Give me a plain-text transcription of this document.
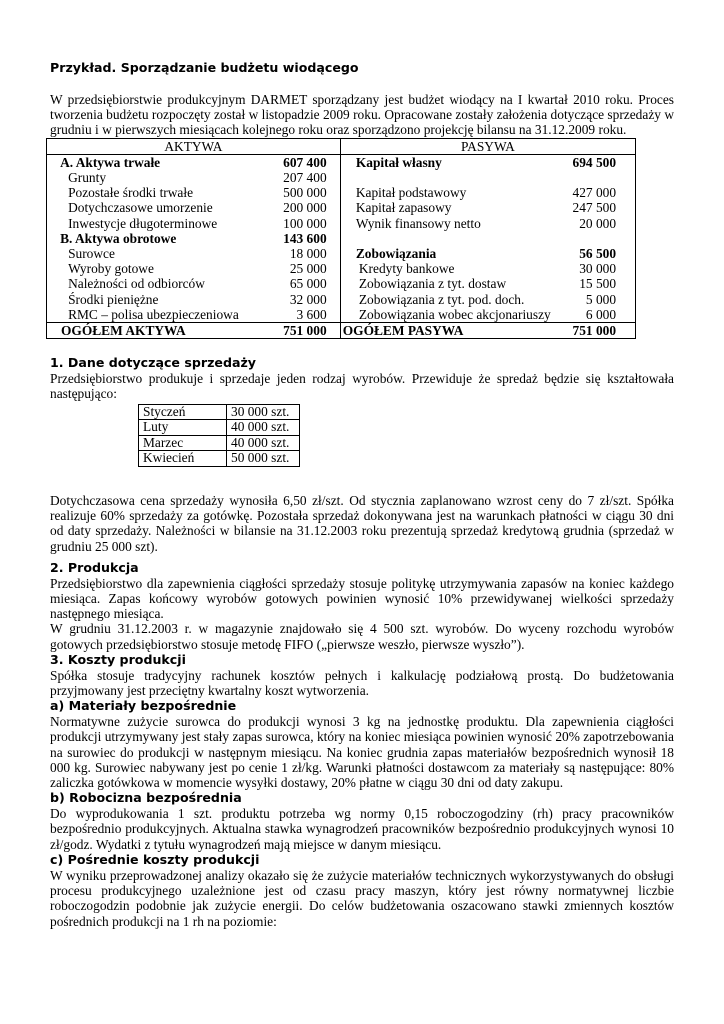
Przykład. Sporządzanie budżetu wiodącego

W przedsiębiorstwie produkcyjnym DARMET sporządzany jest budżet wiodący na I kwartał 2010 roku. Proces tworzenia budżetu rozpoczęty został w listopadzie 2009 roku. Opracowane zostały założenia dotyczące sprzedaży w grudniu i w pierwszych miesiącach kolejnego roku oraz sporządzono projekcję bilansu na 31.12.2009 roku.

AKTYWA				PASYWA			
	A. Aktywa trwałe	607 400			Kapitał własny	694 500	
	Grunty	207 400					
	Pozostałe środki trwałe	500 000			Kapitał podstawowy	427 000	
	Dotychczasowe umorzenie	200 000			Kapitał zapasowy	247 500	
	Inwestycje długoterminowe	100 000			Wynik finansowy netto	20 000	
	B. Aktywa obrotowe	143 600					
	Surowce	18 000			Zobowiązania	56 500	
	Wyroby gotowe	25 000			Kredyty bankowe	30 000	
	Należności od odbiorców	65 000			Zobowiązania z tyt. dostaw	15 500	
	Środki pieniężne	32 000			Zobowiązania z tyt. pod. doch.	5 000	
	RMC – polisa ubezpieczeniowa	3 600			Zobowiązania wobec akcjonariuszy	6 000	
OGÓŁEM AKTYWA		751 000		OGÓŁEM PASYWA		751 000	

1. Dane dotyczące sprzedaży

Przedsiębiorstwo produkuje i sprzedaje jeden rodzaj wyrobów. Przewiduje że spredaż będzie się kształtowała następująco:

Styczeń	30 000 szt.
Luty	40 000 szt.
Marzec	40 000 szt.
Kwiecień	50 000 szt.

Dotychczasowa cena sprzedaży wynosiła 6,50 zł/szt. Od stycznia zaplanowano wzrost ceny do 7 zł/szt. Spółka realizuje 60% sprzedaży za gotówkę. Pozostała sprzedaż dokonywana jest na warunkach płatności w ciągu 30 dni od daty sprzedaży. Należności w bilansie na 31.12.2003 roku prezentują sprzedaż kredytową grudnia (sprzedaż w grudniu 25 000 szt).

2. Produkcja

Przedsiębiorstwo dla zapewnienia ciągłości sprzedaży stosuje politykę utrzymywania zapasów na koniec każdego miesiąca. Zapas końcowy wyrobów gotowych powinien wynosić 10% przewidywanej wielkości sprzedaży następnego miesiąca.

W grudniu 31.12.2003 r. w magazynie znajdowało się 4 500 szt. wyrobów. Do wyceny rozchodu wyrobów gotowych przedsiębiorstwo stosuje metodę FIFO („pierwsze weszło, pierwsze wyszło”).

3. Koszty produkcji

Spółka stosuje tradycyjny rachunek kosztów pełnych i kalkulację podziałową prostą. Do budżetowania przyjmowany jest przeciętny kwartalny koszt wytworzenia.

a) Materiały bezpośrednie

Normatywne zużycie surowca do produkcji wynosi 3 kg na jednostkę produktu. Dla zapewnienia ciągłości produkcji utrzymywany jest stały zapas surowca, który na koniec miesiąca powinien wynosić 20% zapotrzebowania na surowiec do produkcji w następnym miesiącu. Na koniec grudnia zapas materiałów bezpośrednich wynosił 18 000 kg. Surowiec nabywany jest po cenie 1 zł/kg. Warunki płatności dostawcom za materiały są następujące: 80% zaliczka gotówkowa w momencie wysyłki dostawy, 20% płatne w ciągu 30 dni od daty zakupu.

b) Robocizna bezpośrednia

Do wyprodukowania 1 szt. produktu potrzeba wg normy 0,15 roboczogodziny (rh) pracy pracowników bezpośrednio produkcyjnych. Aktualna stawka wynagrodzeń pracowników bezpośrednio produkcyjnych wynosi 10 zł/godz. Wydatki z tytułu wynagrodzeń mają miejsce w danym miesiącu.

c) Pośrednie koszty produkcji

W wyniku przeprowadzonej analizy okazało się że zużycie materiałów technicznych wykorzystywanych do obsługi procesu produkcyjnego uzależnione jest od czasu pracy maszyn, który jest równy normatywnej liczbie roboczogodzin podobnie jak zużycie energii. Do celów budżetowania oszacowano stawki zmiennych kosztów pośrednich produkcji na 1 rh na poziomie:
